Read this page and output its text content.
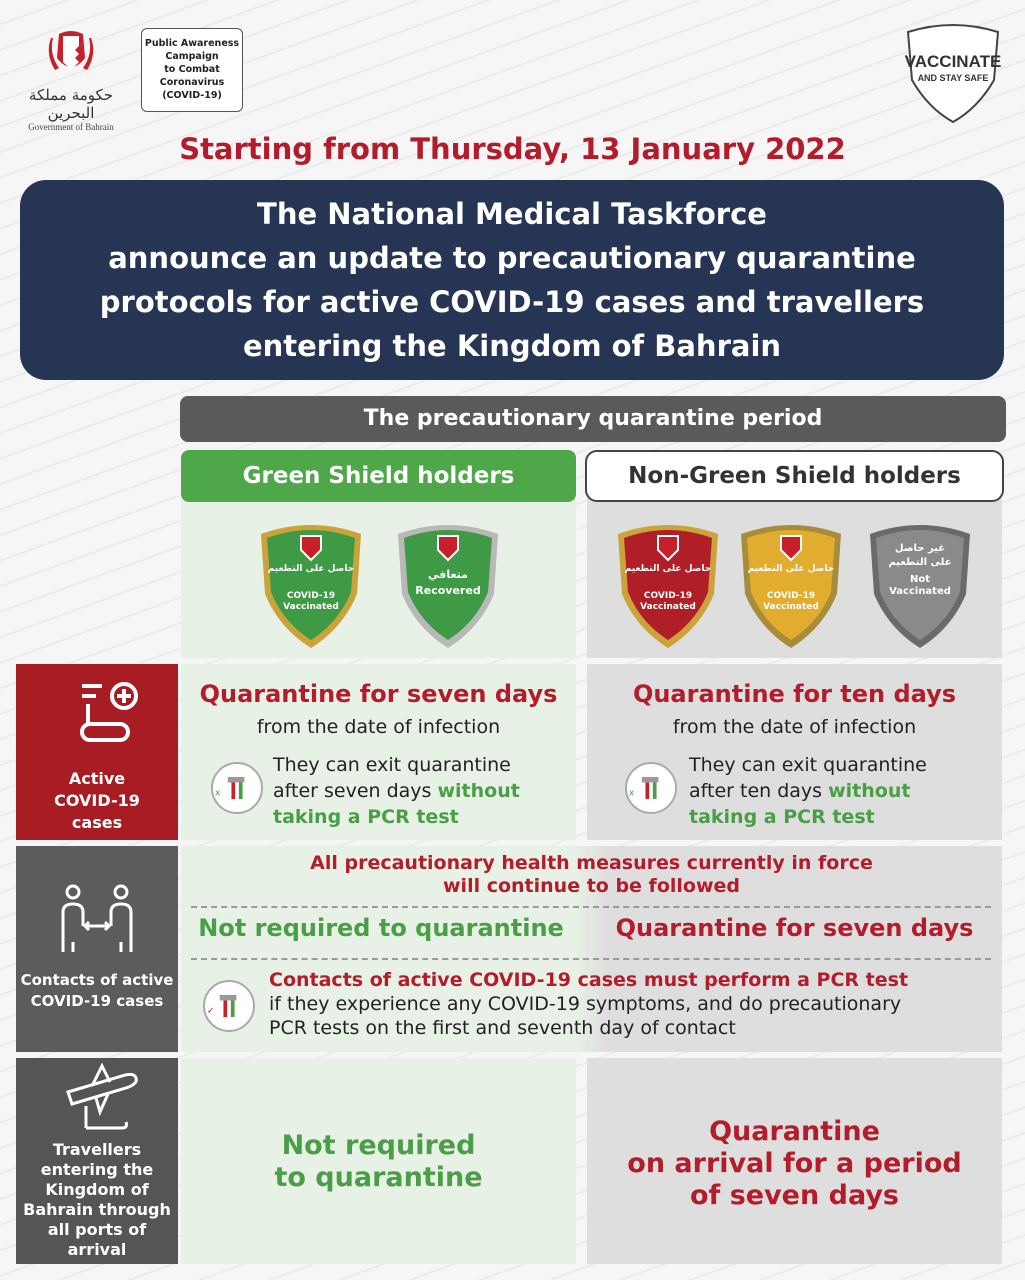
حكومة مملكة البحرين
Government of Bahrain
Public Awareness
Campaign
to Combat
Coronavirus
(COVID-19)
VACCINATE
AND STAY SAFE
Starting from Thursday, 13 January 2022
The National Medical Taskforce
announce an update to precautionary quarantine
protocols for active COVID-19 cases and travellers
entering the Kingdom of Bahrain
The precautionary quarantine period
Green Shield holders	Non-Green Shield holders
حاصل على التطعيم
COVID-19
Vaccinated
متعافي
Recovered
حاصل على التطعيم
COVID-19
Vaccinated
حاصل على التطعيم
COVID-19
Vaccinated
غير حاصل على التطعيم
Not
Vaccinated
Active
COVID-19
cases
Quarantine for seven days
from the date of infection
x
They can exit quarantine
after seven days without
taking a PCR test
Quarantine for ten days
from the date of infection
x
They can exit quarantine
after ten days without
taking a PCR test
Contacts of active
COVID-19 cases
All precautionary health measures currently in force
will continue to be followed
Not required to quarantine	Quarantine for seven days
✓
Contacts of active COVID-19 cases must perform a PCR test
if they experience any COVID-19 symptoms, and do precautionary
PCR tests on the first and seventh day of contact
Travellers
entering the
Kingdom of
Bahrain through
all ports of
arrival
Not required
to quarantine
Quarantine
on arrival for a period
of seven days
